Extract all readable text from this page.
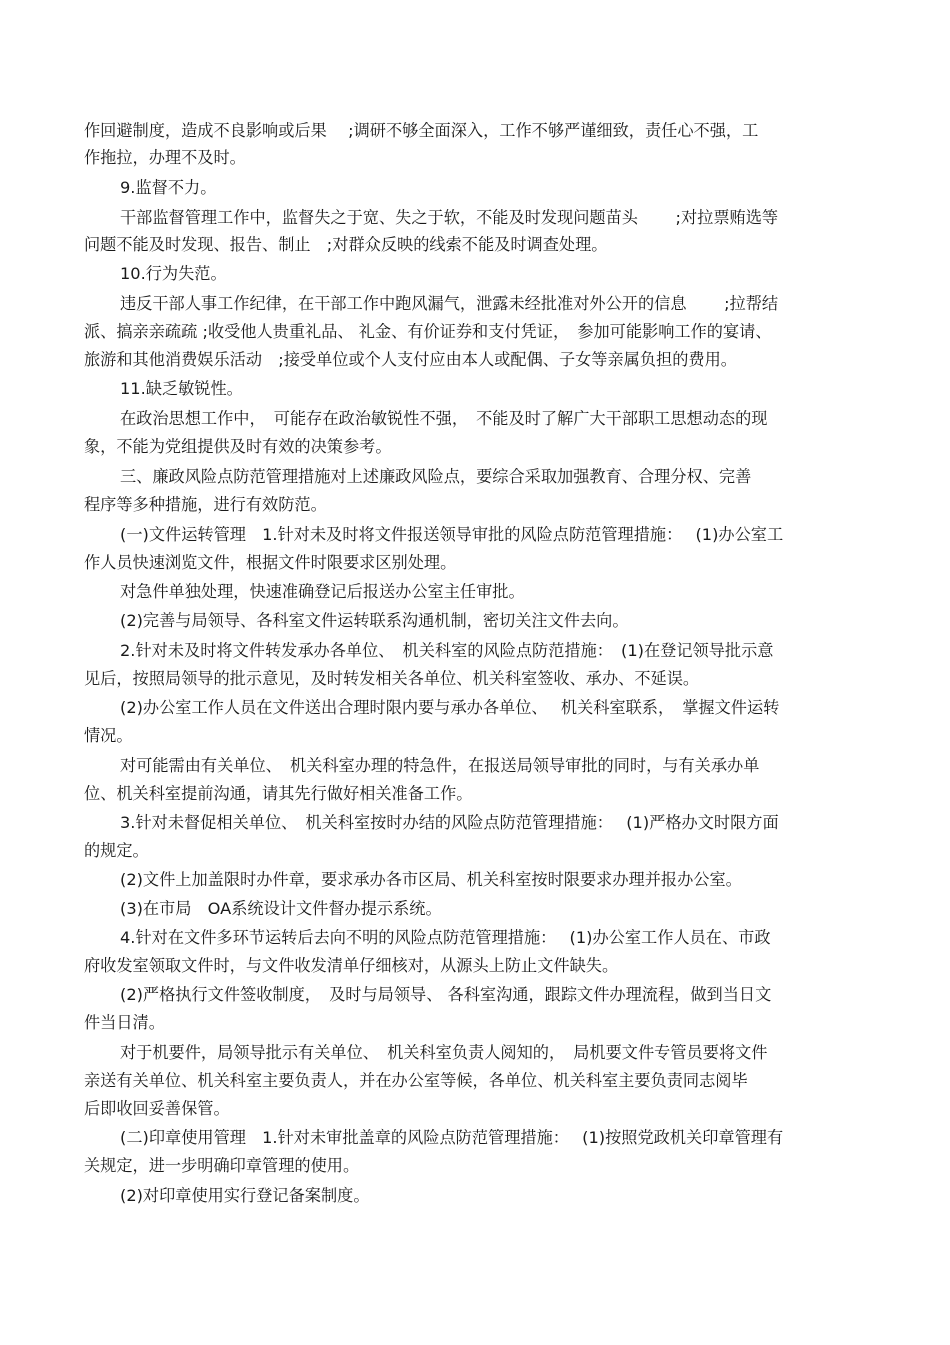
作回避制度，造成不良影响或后果　 ;调研不够全面深入，工作不够严谨细致，责任心不强，工
作拖拉，办理不及时。
9.监督不力。
干部监督管理工作中，监督失之于宽、失之于软，不能及时发现问题苗头　　 ;对拉票贿选等
问题不能及时发现、报告、制止　;对群众反映的线索不能及时调查处理。
10.行为失范。
违反干部人事工作纪律，在干部工作中跑风漏气，泄露未经批准对外公开的信息　　 ;拉帮结
派、搞亲亲疏疏 ;收受他人贵重礼品、 礼金、有价证券和支付凭证，　参加可能影响工作的宴请、
旅游和其他消费娱乐活动　;接受单位或个人支付应由本人或配偶、子女等亲属负担的费用。
11.缺乏敏锐性。
在政治思想工作中，　可能存在政治敏锐性不强，　不能及时了解广大干部职工思想动态的现
象，不能为党组提供及时有效的决策参考。
三、廉政风险点防范管理措施对上述廉政风险点，要综合采取加强教育、合理分权、完善
程序等多种措施，进行有效防范。
(一)文件运转管理　1.针对未及时将文件报送领导审批的风险点防范管理措施：　 (1)办公室工
作人员快速浏览文件，根据文件时限要求区别处理。
对急件单独处理，快速准确登记后报送办公室主任审批。
(2)完善与局领导、各科室文件运转联系沟通机制，密切关注文件去向。
2.针对未及时将文件转发承办各单位、　机关科室的风险点防范措施：　(1)在登记领导批示意
见后，按照局领导的批示意见，及时转发相关各单位、机关科室签收、承办、不延误。
(2)办公室工作人员在文件送出合理时限内要与承办各单位、　 机关科室联系，　掌握文件运转
情况。
对可能需由有关单位、　机关科室办理的特急件，在报送局领导审批的同时，与有关承办单
位、机关科室提前沟通，请其先行做好相关准备工作。
3.针对未督促相关单位、　机关科室按时办结的风险点防范管理措施：　 (1)严格办文时限方面
的规定。
(2)文件上加盖限时办件章，要求承办各市区局、机关科室按时限要求办理并报办公室。
(3)在市局　OA系统设计文件督办提示系统。
4.针对在文件多环节运转后去向不明的风险点防范管理措施：　 (1)办公室工作人员在、市政
府收发室领取文件时，与文件收发清单仔细核对，从源头上防止文件缺失。
(2)严格执行文件签收制度，　及时与局领导、 各科室沟通，跟踪文件办理流程，做到当日文
件当日清。
对于机要件，局领导批示有关单位、　机关科室负责人阅知的，　局机要文件专管员要将文件
亲送有关单位、机关科室主要负责人，并在办公室等候，各单位、机关科室主要负责同志阅毕
后即收回妥善保管。
(二)印章使用管理　1.针对未审批盖章的风险点防范管理措施：　 (1)按照党政机关印章管理有
关规定，进一步明确印章管理的使用。
(2)对印章使用实行登记备案制度。
